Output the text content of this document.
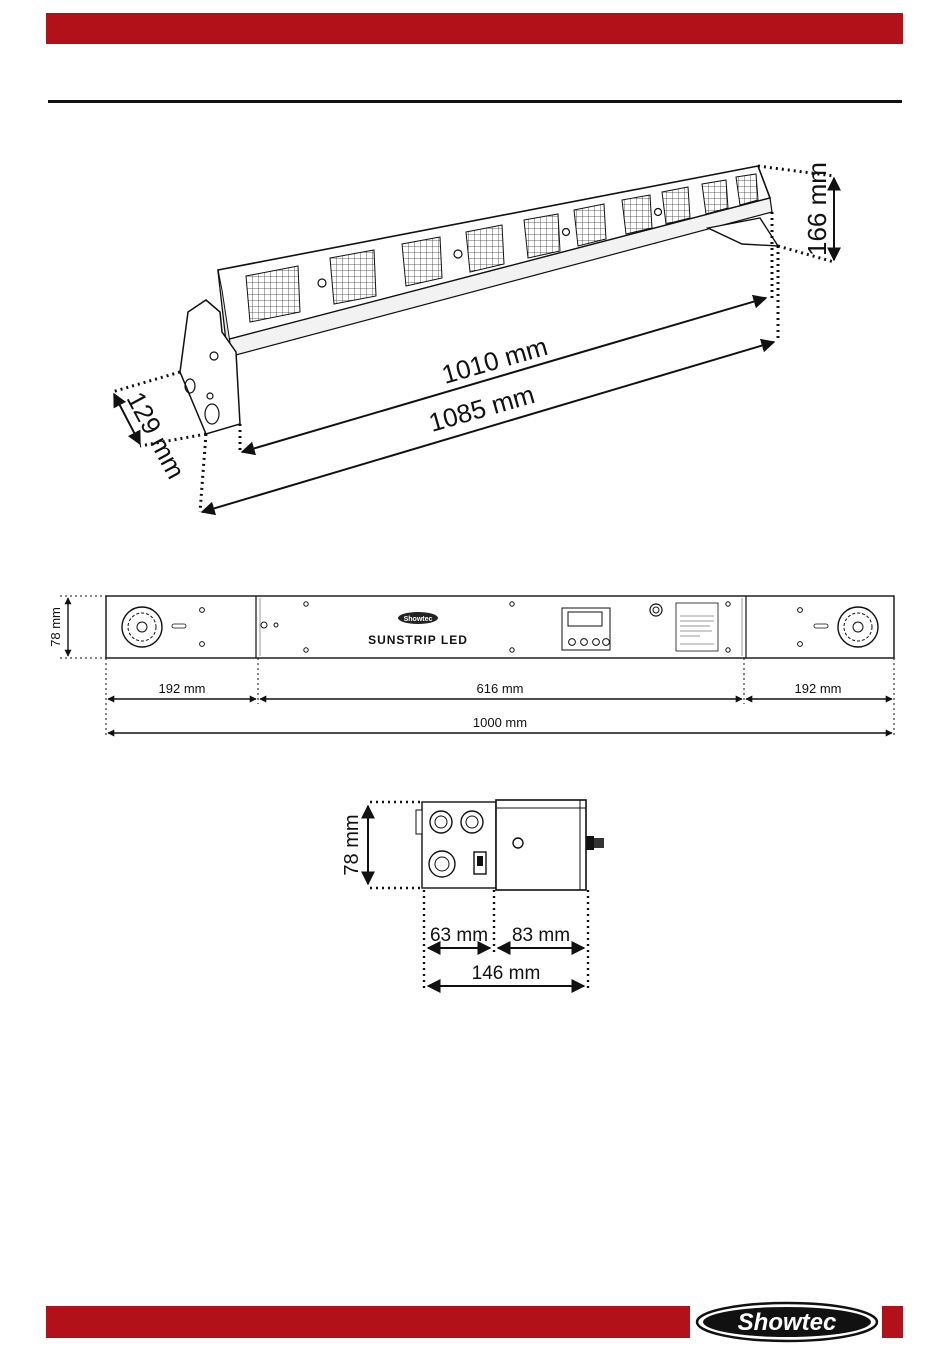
1010 mm
1085 mm
166 mm
129 mm
Showtec
SUNSTRIP LED
78 mm
192 mm	616 mm	192 mm
1000 mm
78 mm
63 mm 83 mm
146 mm
Showtec
